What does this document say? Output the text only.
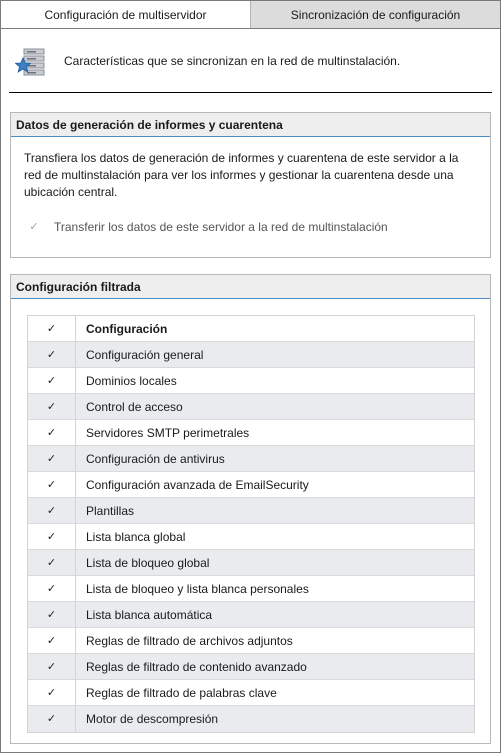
Configuración de multiservidor	Sincronización de configuración
Características que se sincronizan en la red de multinstalación.
Datos de generación de informes y cuarentena
Transfiera los datos de generación de informes y cuarentena de este servidor a la red de multinstalación para ver los informes y gestionar la cuarentena desde una ubicación central.
✓ Transferir los datos de este servidor a la red de multinstalación
Configuración filtrada
✓	Configuración
✓	Configuración general
✓	Dominios locales
✓	Control de acceso
✓	Servidores SMTP perimetrales
✓	Configuración de antivirus
✓	Configuración avanzada de EmailSecurity
✓	Plantillas
✓	Lista blanca global
✓	Lista de bloqueo global
✓	Lista de bloqueo y lista blanca personales
✓	Lista blanca automática
✓	Reglas de filtrado de archivos adjuntos
✓	Reglas de filtrado de contenido avanzado
✓	Reglas de filtrado de palabras clave
✓	Motor de descompresión
